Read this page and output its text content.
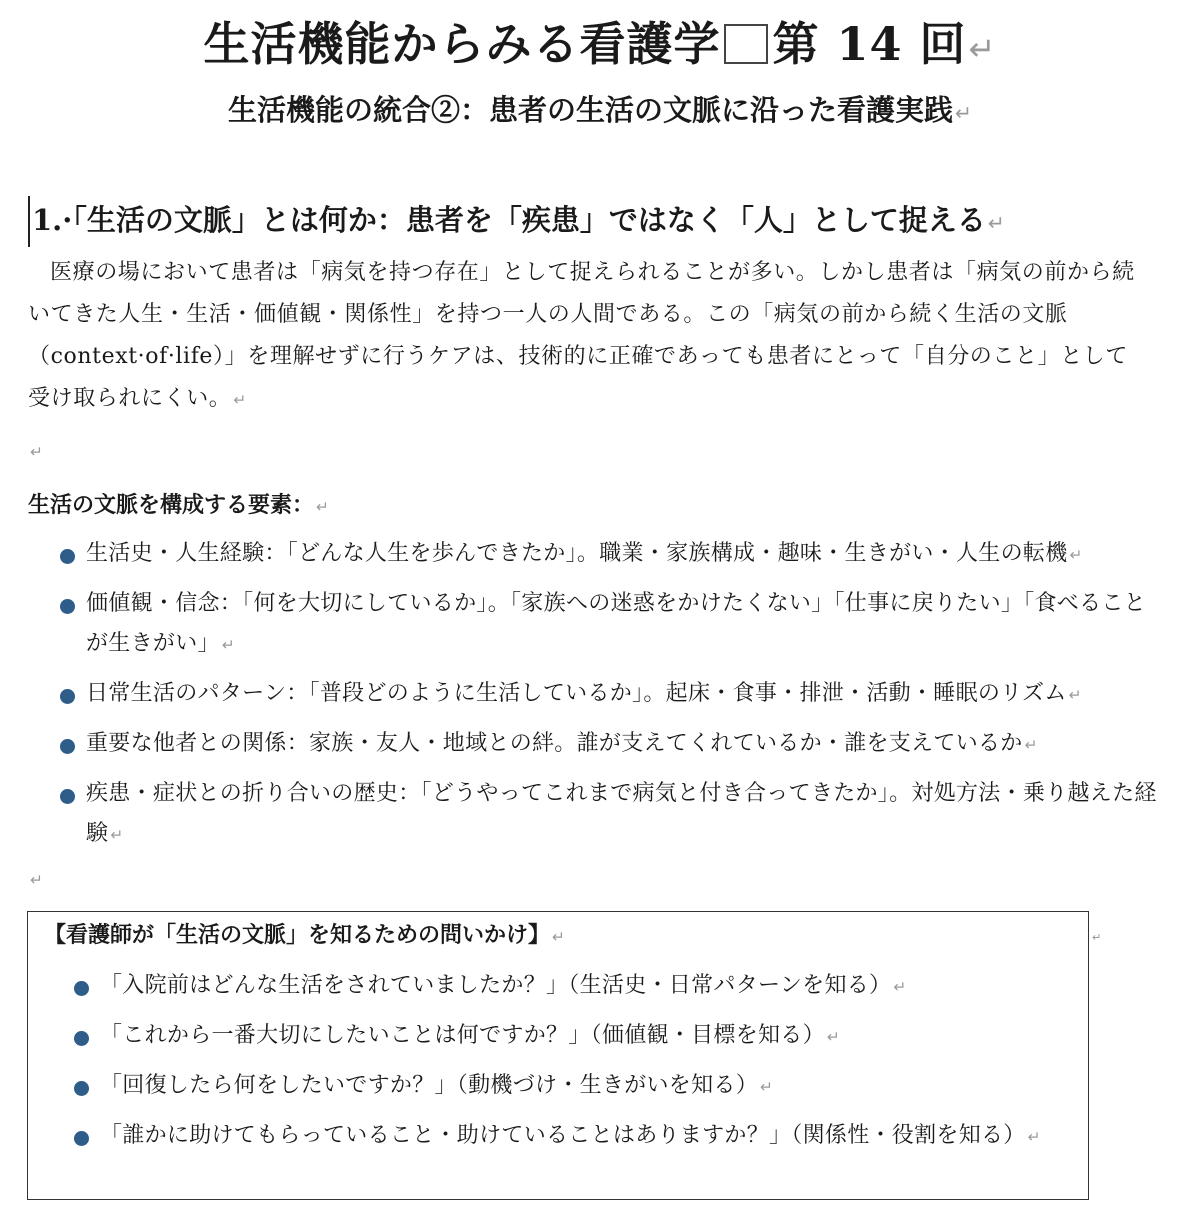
生活機能からみる看護学 第 14 回↵
生活機能の統合②：患者の生活の文脈に沿った看護実践↵
1.·「生活の文脈」とは何か：患者を「疾患」ではなく「人」として捉える↵
医療の場において患者は「病気を持つ存在」として捉えられることが多い。しかし患者は「病気の前から続いてきた人生・生活・価値観・関係性」を持つ一人の人間である。この「病気の前から続く生活の文脈（context·of·life）」を理解せずに行うケアは、技術的に正確であっても患者にとって「自分のこと」として受け取られにくい。 ↵
↵
生活の文脈を構成する要素： ↵
生活史・人生経験：「どんな人生を歩んできたか」。職業・家族構成・趣味・生きがい・人生の転機 ↵
価値観・信念：「何を大切にしているか」。「家族への迷惑をかけたくない」「仕事に戻りたい」「食べることが生きがい」 ↵
日常生活のパターン：「普段どのように生活しているか」。起床・食事・排泄・活動・睡眠のリズム ↵
重要な他者との関係：家族・友人・地域との絆。誰が支えてくれているか・誰を支えているか ↵
疾患・症状との折り合いの歴史：「どうやってこれまで病気と付き合ってきたか」。対処方法・乗り越えた経験 ↵
↵
↵
【看護師が「生活の文脈」を知るための問いかけ】 ↵
「入院前はどんな生活をされていましたか？」（生活史・日常パターンを知る） ↵
「これから一番大切にしたいことは何ですか？」（価値観・目標を知る） ↵
「回復したら何をしたいですか？」（動機づけ・生きがいを知る） ↵
「誰かに助けてもらっていること・助けていることはありますか？」（関係性・役割を知る） ↵
